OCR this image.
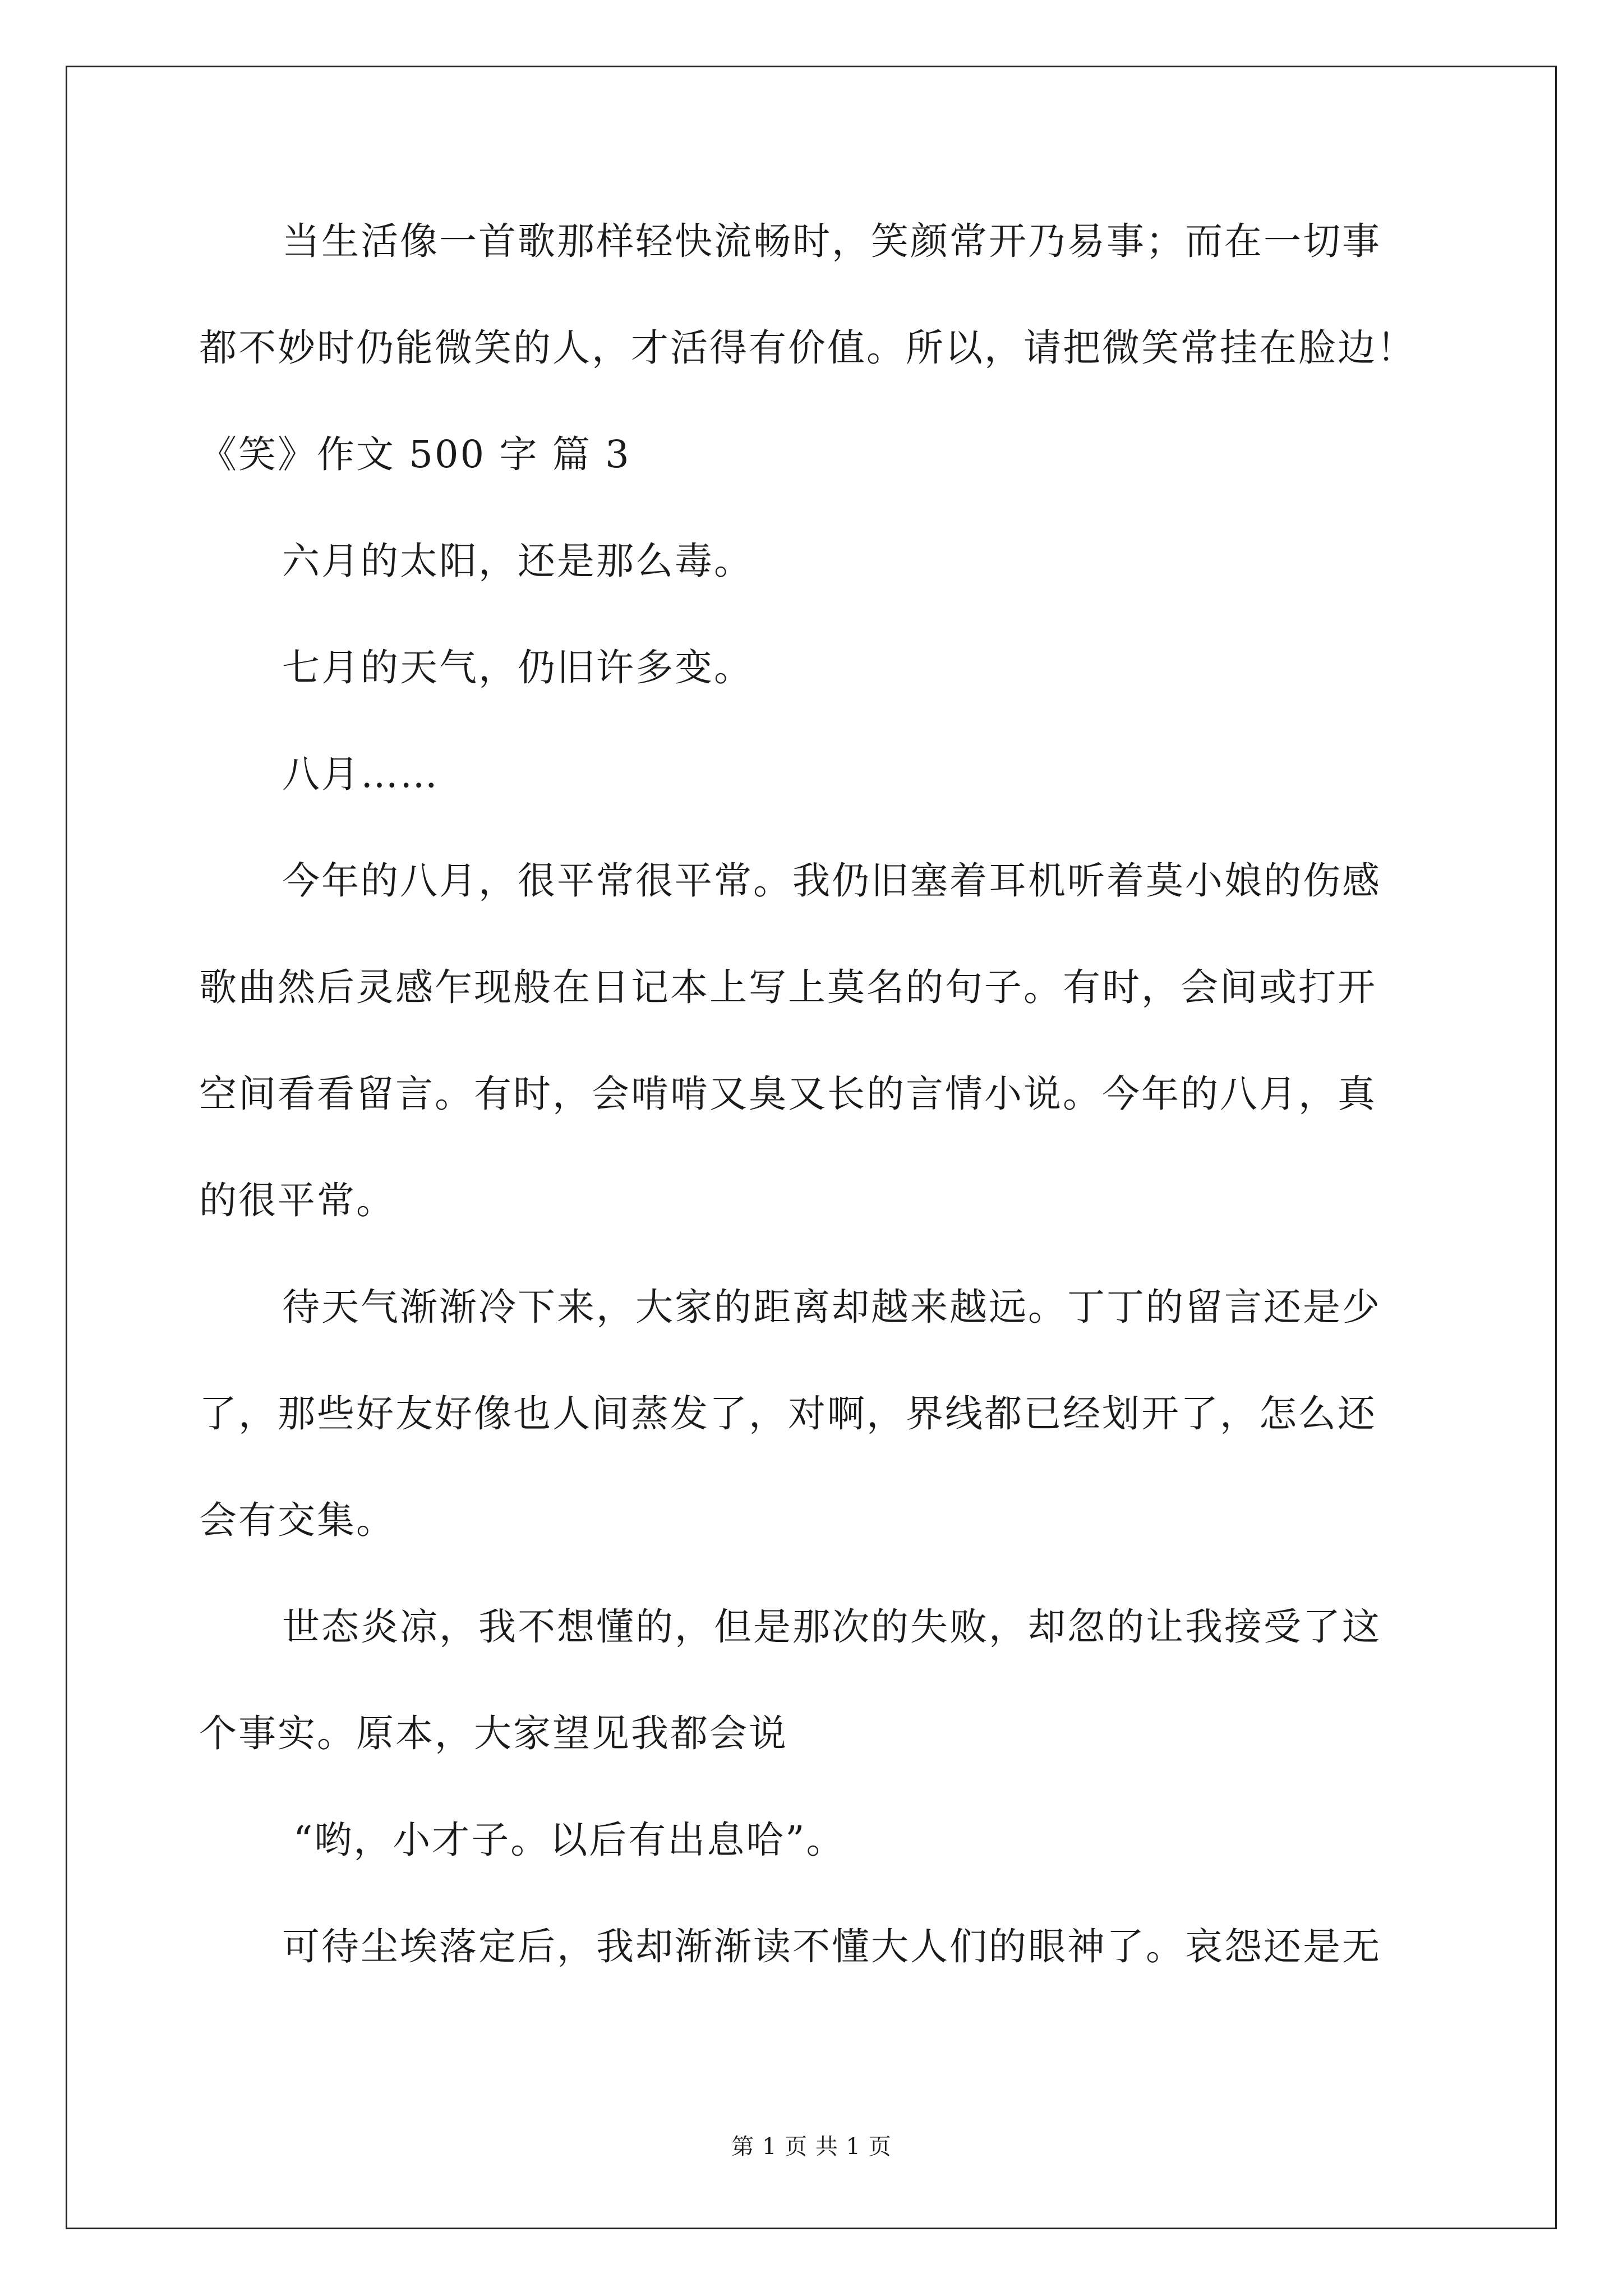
当生活像一首歌那样轻快流畅时，笑颜常开乃易事；而在一切事
都不妙时仍能微笑的人，才活得有价值。所以，请把微笑常挂在脸边！
《笑》作文 500 字 篇 3
六月的太阳，还是那么毒。
七月的天气，仍旧许多变。
八月……
今年的八月，很平常很平常。我仍旧塞着耳机听着莫小娘的伤感
歌曲然后灵感乍现般在日记本上写上莫名的句子。有时，会间或打开
空间看看留言。有时，会啃啃又臭又长的言情小说。今年的八月，真
的很平常。
待天气渐渐冷下来，大家的距离却越来越远。丁丁的留言还是少
了，那些好友好像也人间蒸发了，对啊，界线都已经划开了，怎么还
会有交集。
世态炎凉，我不想懂的，但是那次的失败，却忽的让我接受了这
个事实。原本，大家望见我都会说
“哟，小才子。以后有出息哈”。
可待尘埃落定后，我却渐渐读不懂大人们的眼神了。哀怨还是无
第 1 页 共 1 页
